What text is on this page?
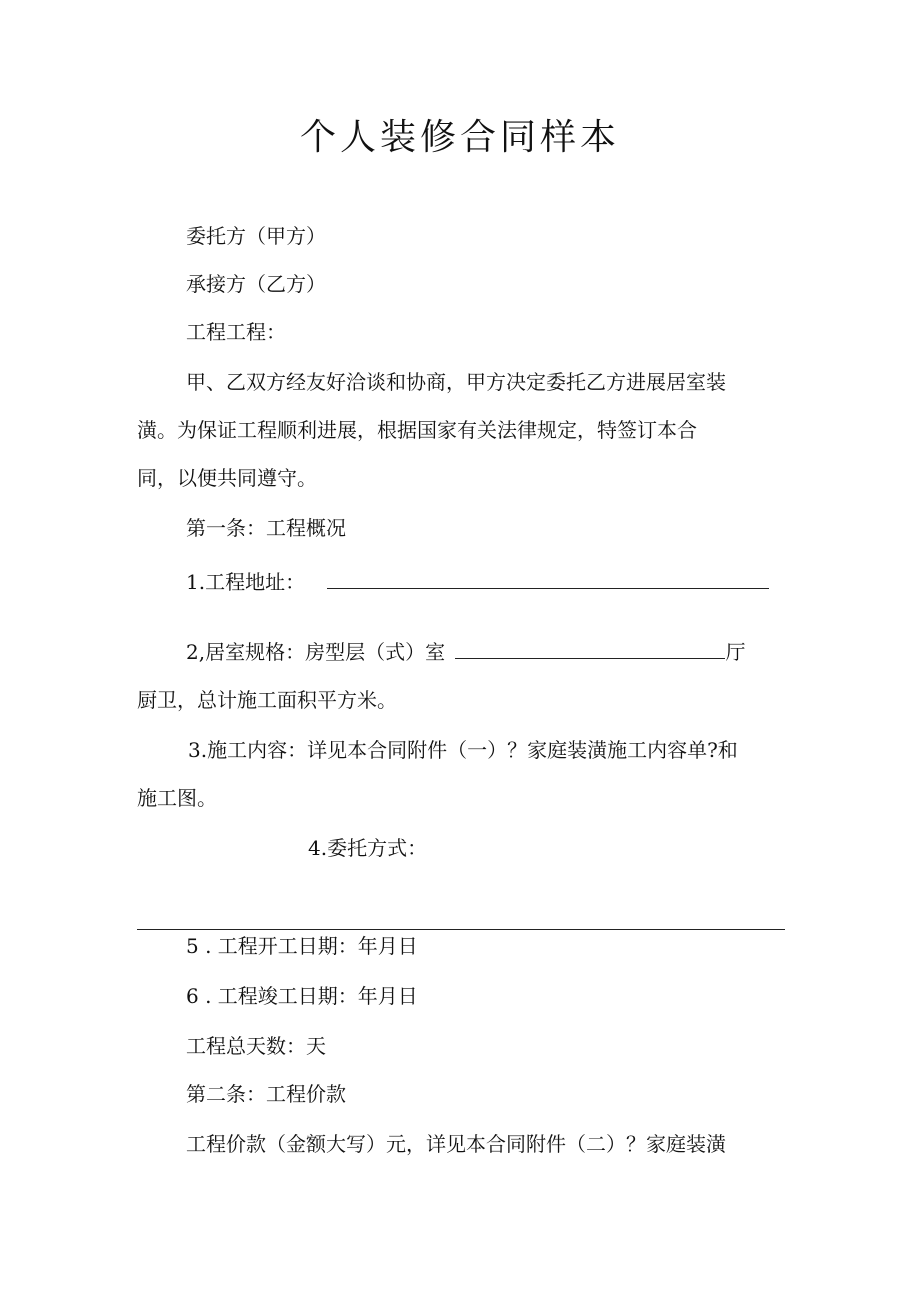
个人装修合同样本
委托方（甲方）
承接方（乙方）
工程工程：
甲、乙双方经友好洽谈和协商，甲方决定委托乙方进展居室装
潢。为保证工程顺利进展，根据国家有关法律规定，特签订本合
同，以便共同遵守。
第一条：工程概况
1.工程地址：
2,居室规格：房型层（式）室	厅
厨卫，总计施工面积平方米。
3.施工内容：详见本合同附件（一）？家庭装潢施工内容单?和
施工图。
4.委托方式：
5 . 工程开工日期：年月日
6 . 工程竣工日期：年月日
工程总天数：天
第二条：工程价款
工程价款（金额大写）元，详见本合同附件（二）？家庭装潢
